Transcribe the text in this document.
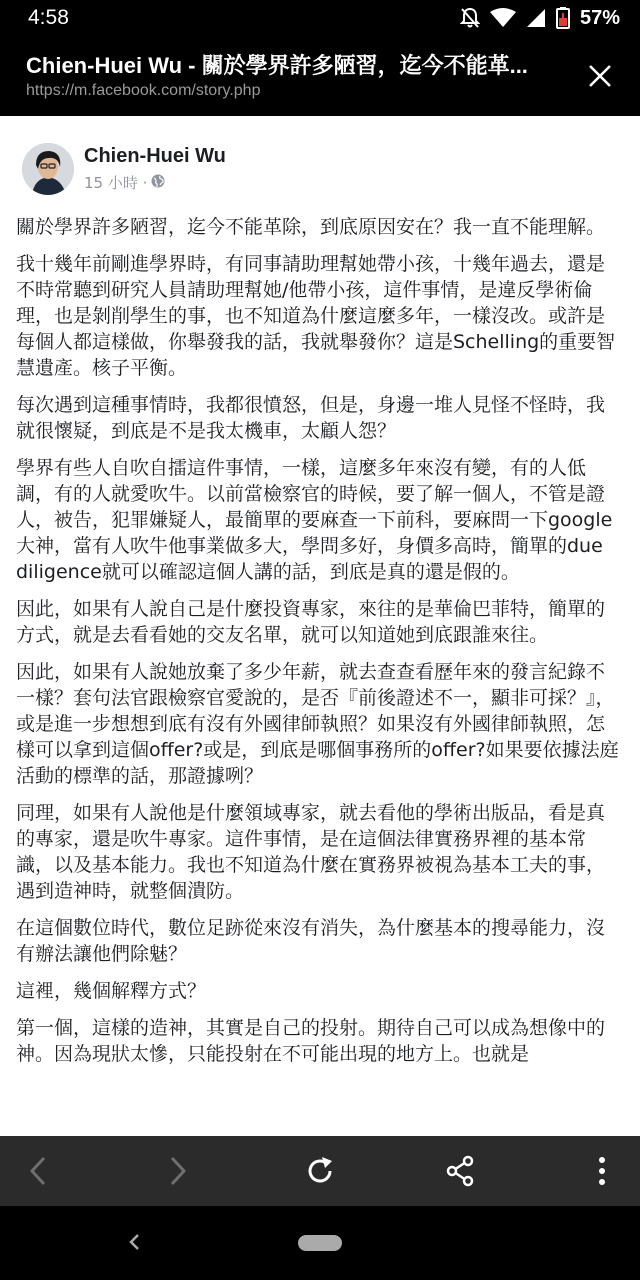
4:58	57%
Chien-Huei Wu - 關於學界許多陋習，迄今不能革...
https://m.facebook.com/story.php
Chien-Huei Wu
15 小時 ·

關於學界許多陋習，迄今不能革除，到底原因安在？我一直不能理解。

我十幾年前剛進學界時，有同事請助理幫她帶小孩，十幾年過去，還是不時常聽到研究人員請助理幫她/他帶小孩，這件事情，是違反學術倫理，也是剝削學生的事，也不知道為什麼這麼多年，一樣沒改。或許是每個人都這樣做，你舉發我的話，我就舉發你？這是Schelling的重要智慧遺產。核子平衡。

每次遇到這種事情時，我都很憤怒，但是，身邊一堆人見怪不怪時，我就很懷疑，到底是不是我太機車，太顧人怨？

學界有些人自吹自擂這件事情，一樣，這麼多年來沒有變，有的人低調，有的人就愛吹牛。以前當檢察官的時候，要了解一個人，不管是證人，被告，犯罪嫌疑人，最簡單的要麻查一下前科，要麻問一下google大神，當有人吹牛他事業做多大，學問多好，身價多高時，簡單的due diligence就可以確認這個人講的話，到底是真的還是假的。

因此，如果有人說自己是什麼投資專家，來往的是華倫巴菲特，簡單的方式，就是去看看她的交友名單，就可以知道她到底跟誰來往。

因此，如果有人說她放棄了多少年薪，就去查查看歷年來的發言紀錄不一樣？套句法官跟檢察官愛說的，是否『前後證述不一，顯非可採？』，或是進一步想想到底有沒有外國律師執照？如果沒有外國律師執照，怎樣可以拿到這個offer?或是，到底是哪個事務所的offer?如果要依據法庭活動的標準的話，那證據咧？

同理，如果有人說他是什麼領域專家，就去看他的學術出版品，看是真的專家，還是吹牛專家。這件事情，是在這個法律實務界裡的基本常識，以及基本能力。我也不知道為什麼在實務界被視為基本工夫的事，遇到造神時，就整個潰防。

在這個數位時代，數位足跡從來沒有消失，為什麼基本的搜尋能力，沒有辦法讓他們除魅？

這裡，幾個解釋方式？

第一個，這樣的造神，其實是自己的投射。期待自己可以成為想像中的神。因為現狀太慘，只能投射在不可能出現的地方上。也就是
